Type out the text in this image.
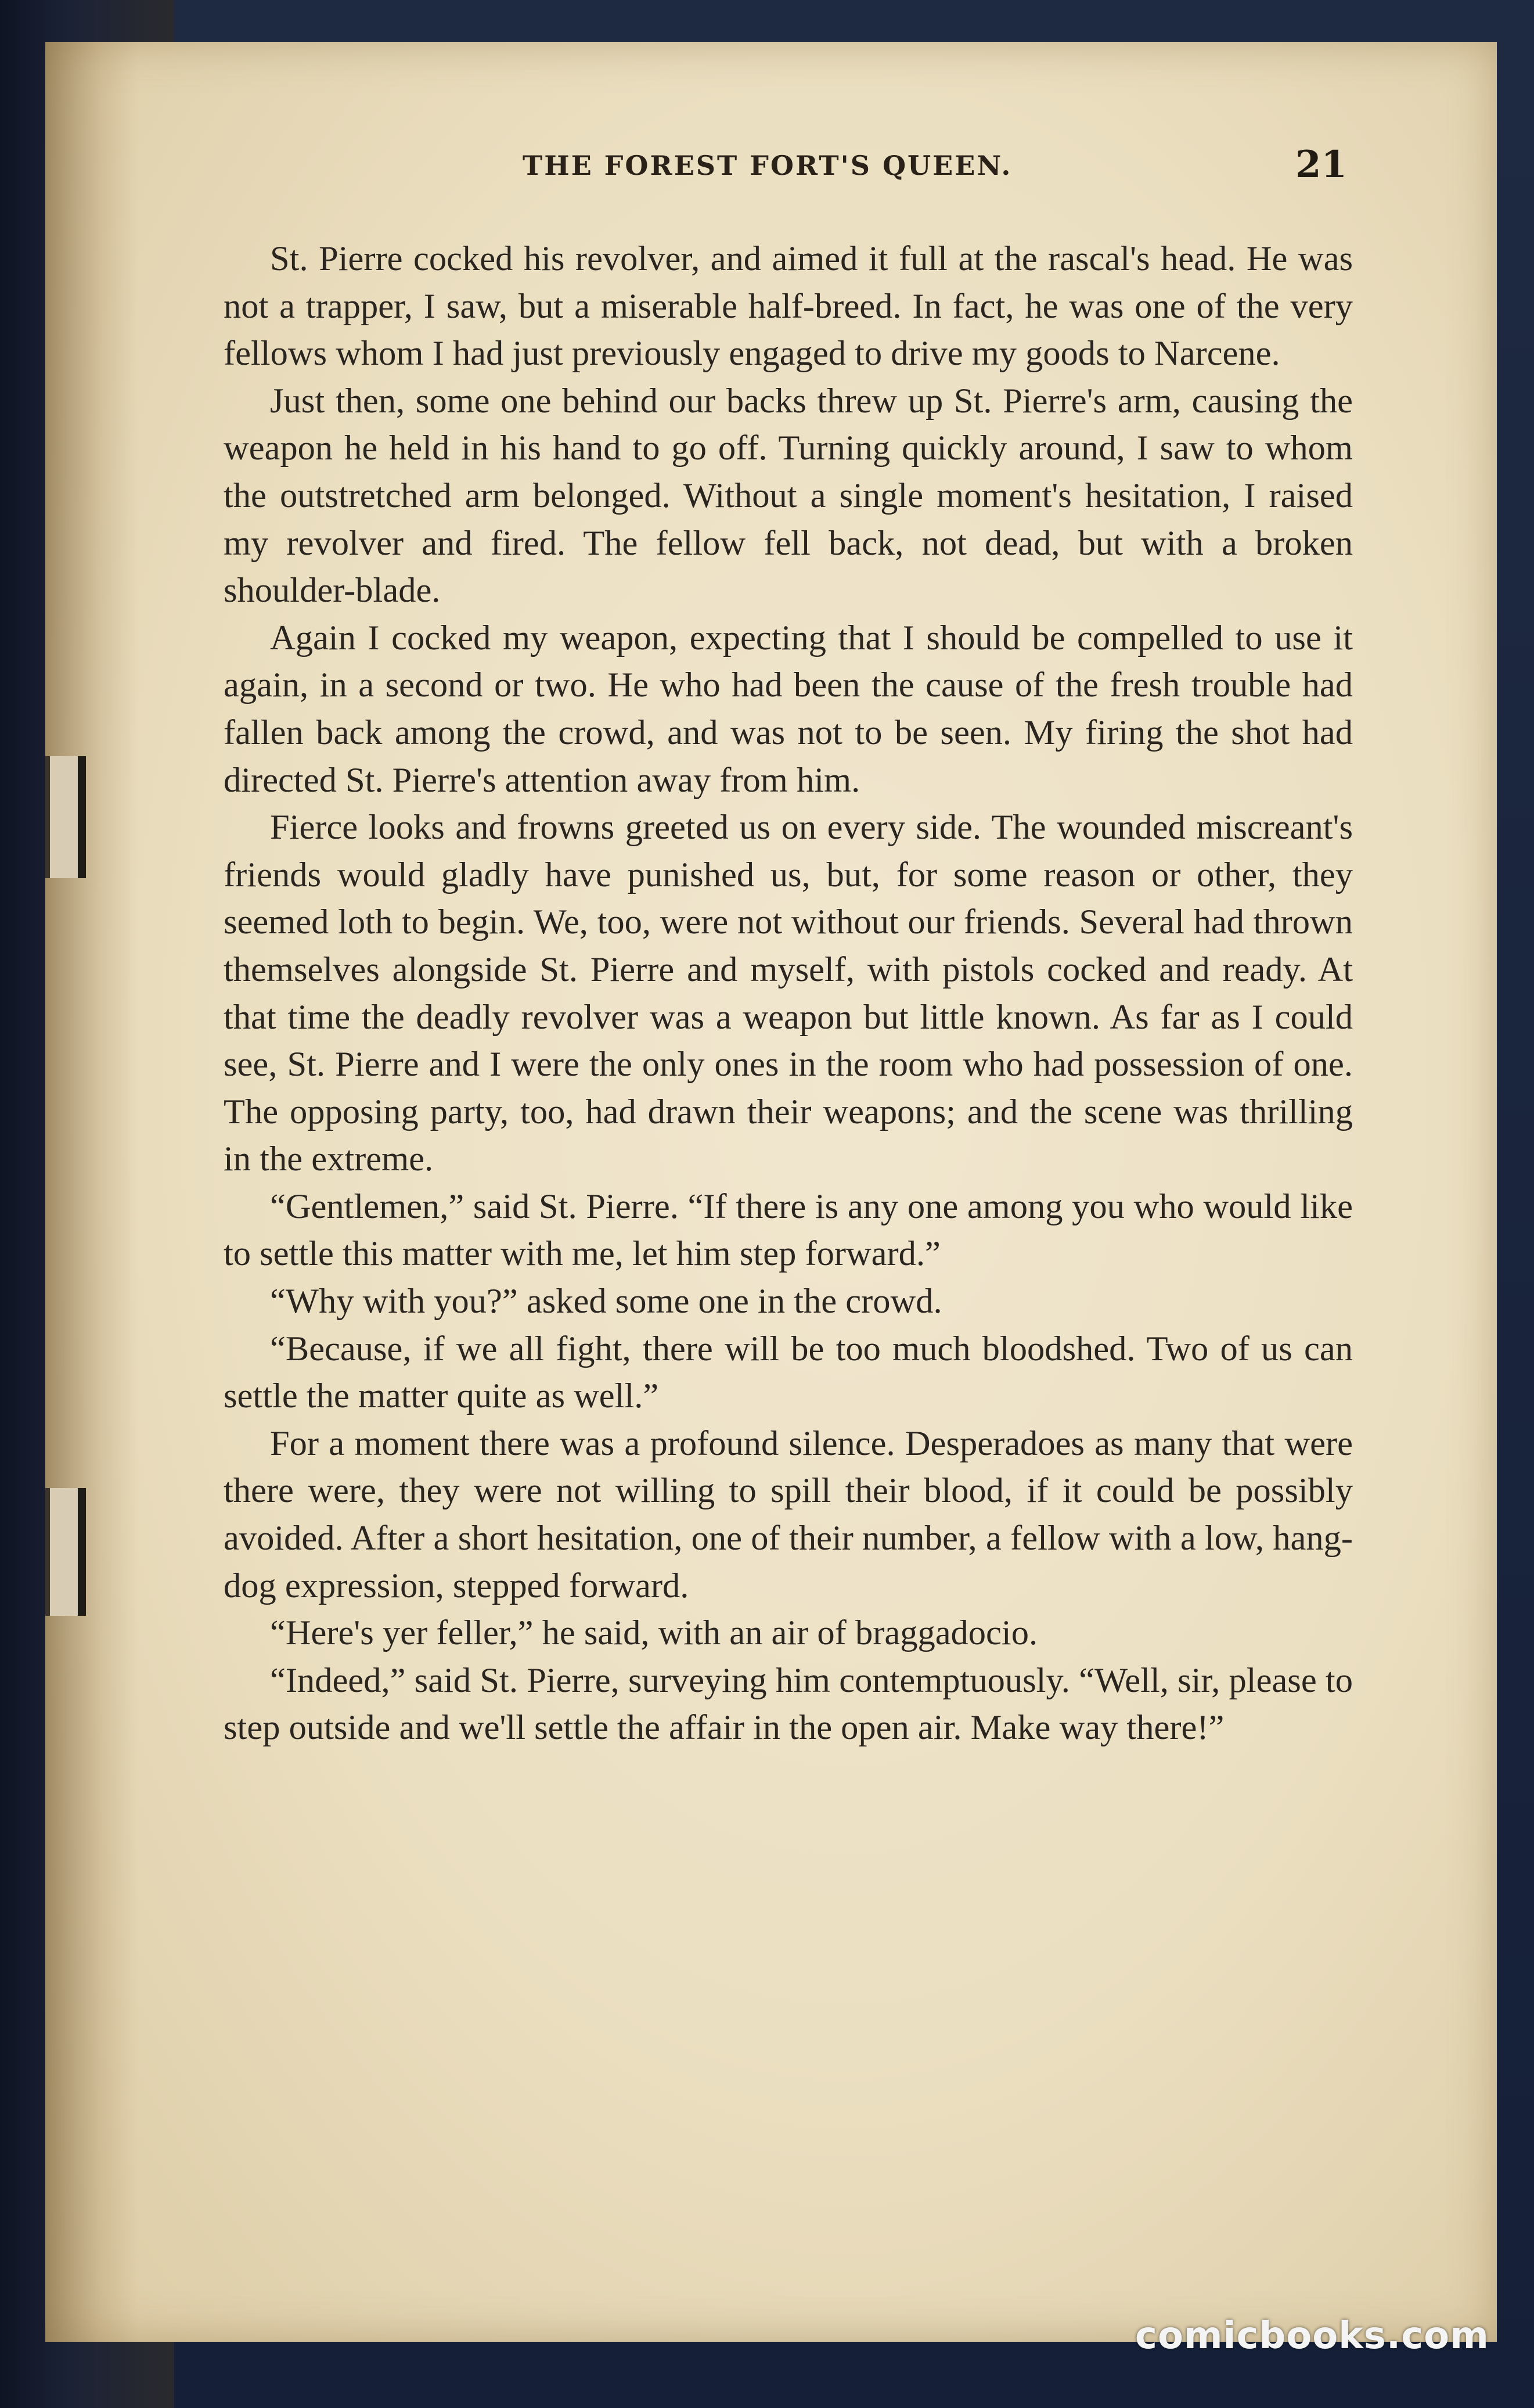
THE FOREST FORT'S QUEEN.	21

St. Pierre cocked his revolver, and aimed it full at the rascal's head. He was not a trapper, I saw, but a miserable half-breed. In fact, he was one of the very fellows whom I had just previously engaged to drive my goods to Narcene.

Just then, some one behind our backs threw up St. Pierre's arm, causing the weapon he held in his hand to go off. Turning quickly around, I saw to whom the outstretched arm belonged. Without a single moment's hesitation, I raised my revolver and fired. The fellow fell back, not dead, but with a broken shoulder-blade.

Again I cocked my weapon, expecting that I should be compelled to use it again, in a second or two. He who had been the cause of the fresh trouble had fallen back among the crowd, and was not to be seen. My firing the shot had directed St. Pierre's attention away from him.

Fierce looks and frowns greeted us on every side. The wounded miscreant's friends would gladly have punished us, but, for some reason or other, they seemed loth to begin. We, too, were not without our friends. Several had thrown themselves alongside St. Pierre and myself, with pistols cocked and ready. At that time the deadly revolver was a weapon but little known. As far as I could see, St. Pierre and I were the only ones in the room who had possession of one. The opposing party, too, had drawn their weapons; and the scene was thrilling in the extreme.

“Gentlemen,” said St. Pierre. “If there is any one among you who would like to settle this matter with me, let him step forward.”

“Why with you?” asked some one in the crowd.

“Because, if we all fight, there will be too much bloodshed. Two of us can settle the matter quite as well.”

For a moment there was a profound silence. Desperadoes as many that were there were, they were not willing to spill their blood, if it could be possibly avoided. After a short hesitation, one of their number, a fellow with a low, hang-dog expression, stepped forward.

“Here's yer feller,” he said, with an air of braggadocio.

“Indeed,” said St. Pierre, surveying him contemptuously. “Well, sir, please to step outside and we'll settle the affair in the open air. Make way there!”

comicbooks.com
